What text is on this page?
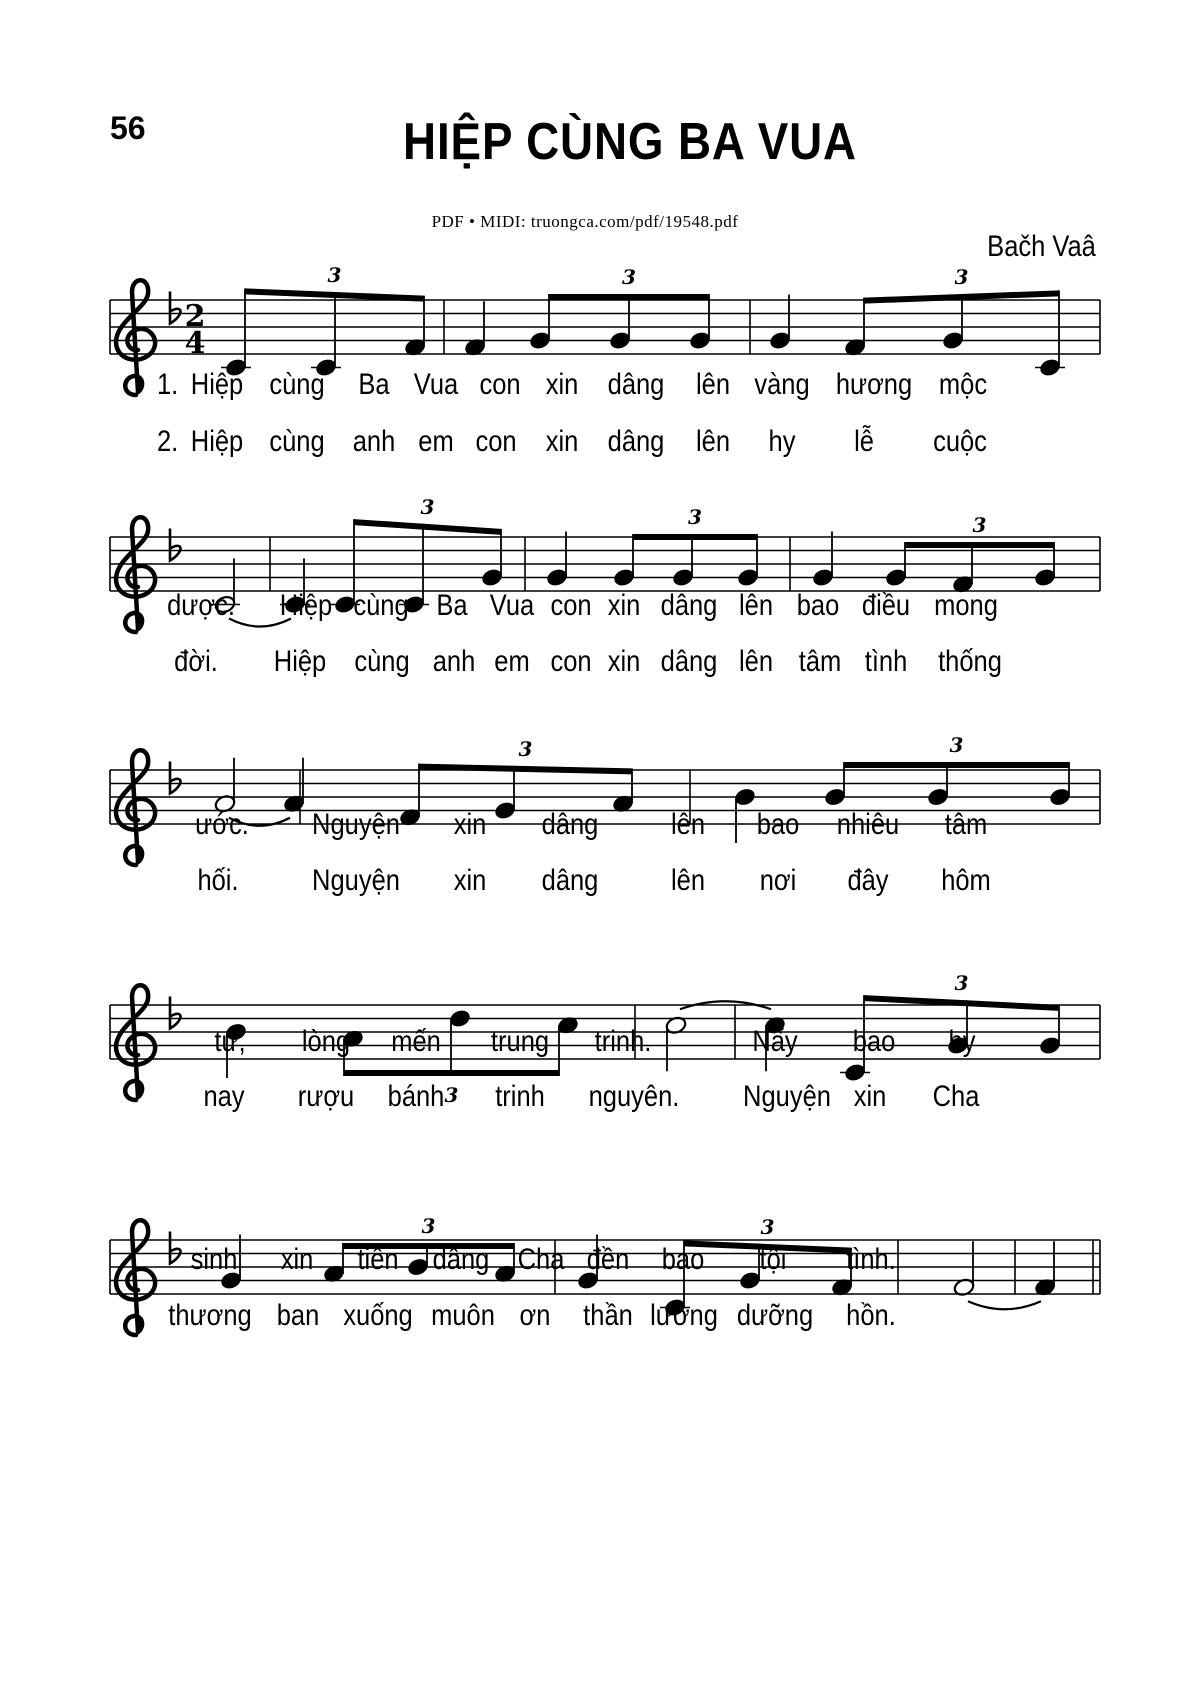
56	HIỆP CÙNG BA VUA
PDF • MIDI: truongca.com/pdf/19548.pdf
Bačh Vaâ
2
4
3	3	3
3	3	3
3	3
3
3
3	3
Hiệp cùng Ba Vua con xin dâng lên vàng hương mộc
Hiệp cùng anh em con xin dâng lên hy lễ cuộc
dược. Hiệp cùng Ba Vua con xin dâng lên bao điều mong
đời. Hiệp cùng anh em con xin dâng lên tâm tình thống
ước. Nguyện xin dâng lên bao nhiêu tâm
hối. Nguyện xin dâng lên nơi đây hôm
tư, lòng mến trung trinh.	Nẩy bao hy
nay rượu bánh trinh nguyên. Nguyện xin Cha
sinh xin tiến dâng Cha đền bao tội tình.
thương ban xuống muôn ơn thần lương dưỡng hồn.
1.
2.
